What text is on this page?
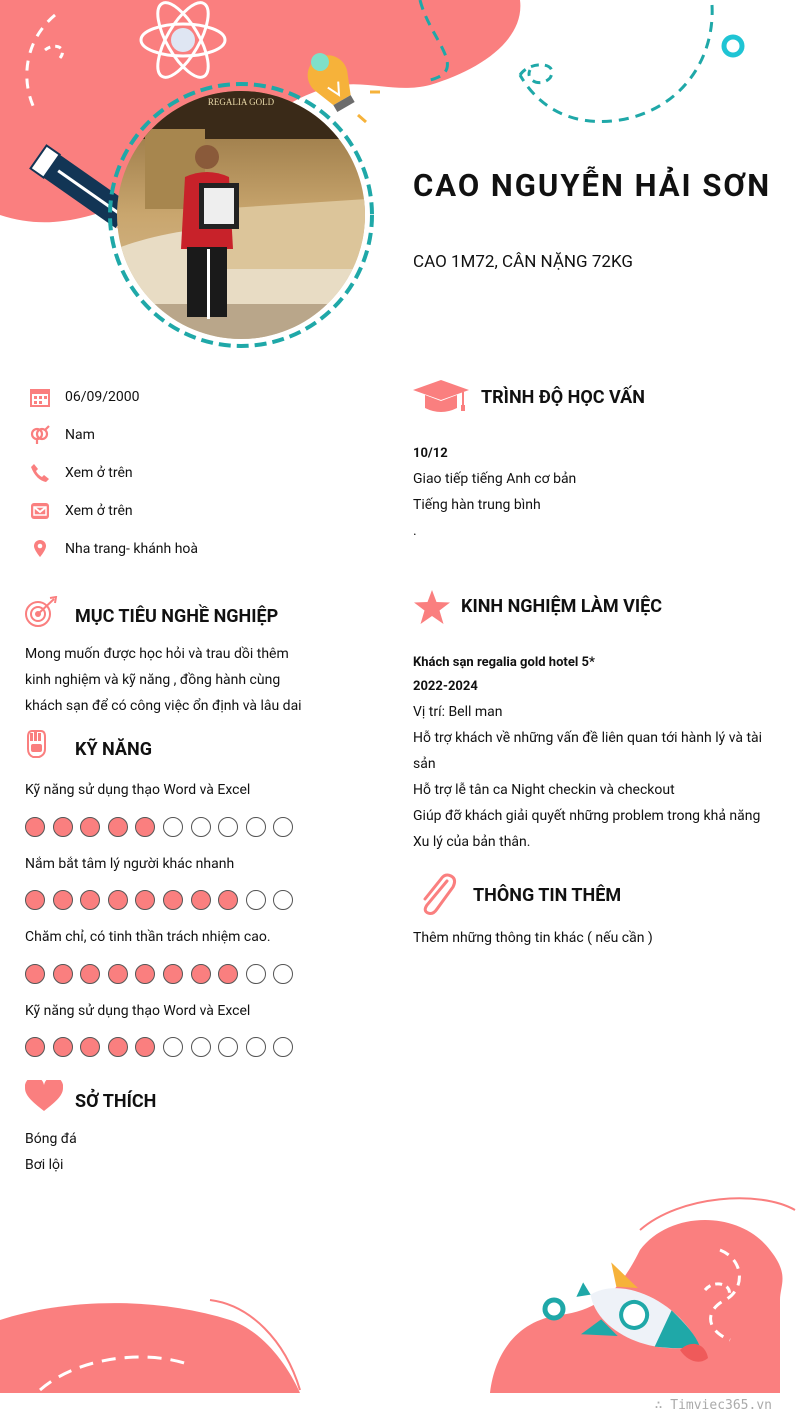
REGALIA GOLD
CAO NGUYỄN HẢI SƠN
CAO 1M72, CÂN NẶNG 72KG
06/09/2000
Nam
Xem ở trên
Xem ở trên
Nha trang- khánh hoà
MỤC TIÊU NGHỀ NGHIỆP
Mong muốn được học hỏi và trau dồi thêm
kinh nghiệm và kỹ năng , đồng hành cùng
khách sạn để có công việc ổn định và lâu dai
KỸ NĂNG
Kỹ năng sử dụng thạo Word và Excel
Nắm bắt tâm lý người khác nhanh
Chăm chỉ, có tinh thần trách nhiệm cao.
Kỹ năng sử dụng thạo Word và Excel
SỞ THÍCH
Bóng đá
Bơi lội
TRÌNH ĐỘ HỌC VẤN
10/12
Giao tiếp tiếng Anh cơ bản
Tiếng hàn trung bình
.
KINH NGHIỆM LÀM VIỆC
Khách sạn regalia gold hotel 5*
2022-2024
Vị trí: Bell man
Hỗ trợ khách về những vấn đề liên quan tới hành lý và tài
sản
Hỗ trợ lễ tân ca Night checkin và checkout
Giúp đỡ khách giải quyết những problem trong khả năng
Xu lý của bản thân.
THÔNG TIN THÊM
Thêm những thông tin khác ( nếu cần )
∴ Timviec365.vn
